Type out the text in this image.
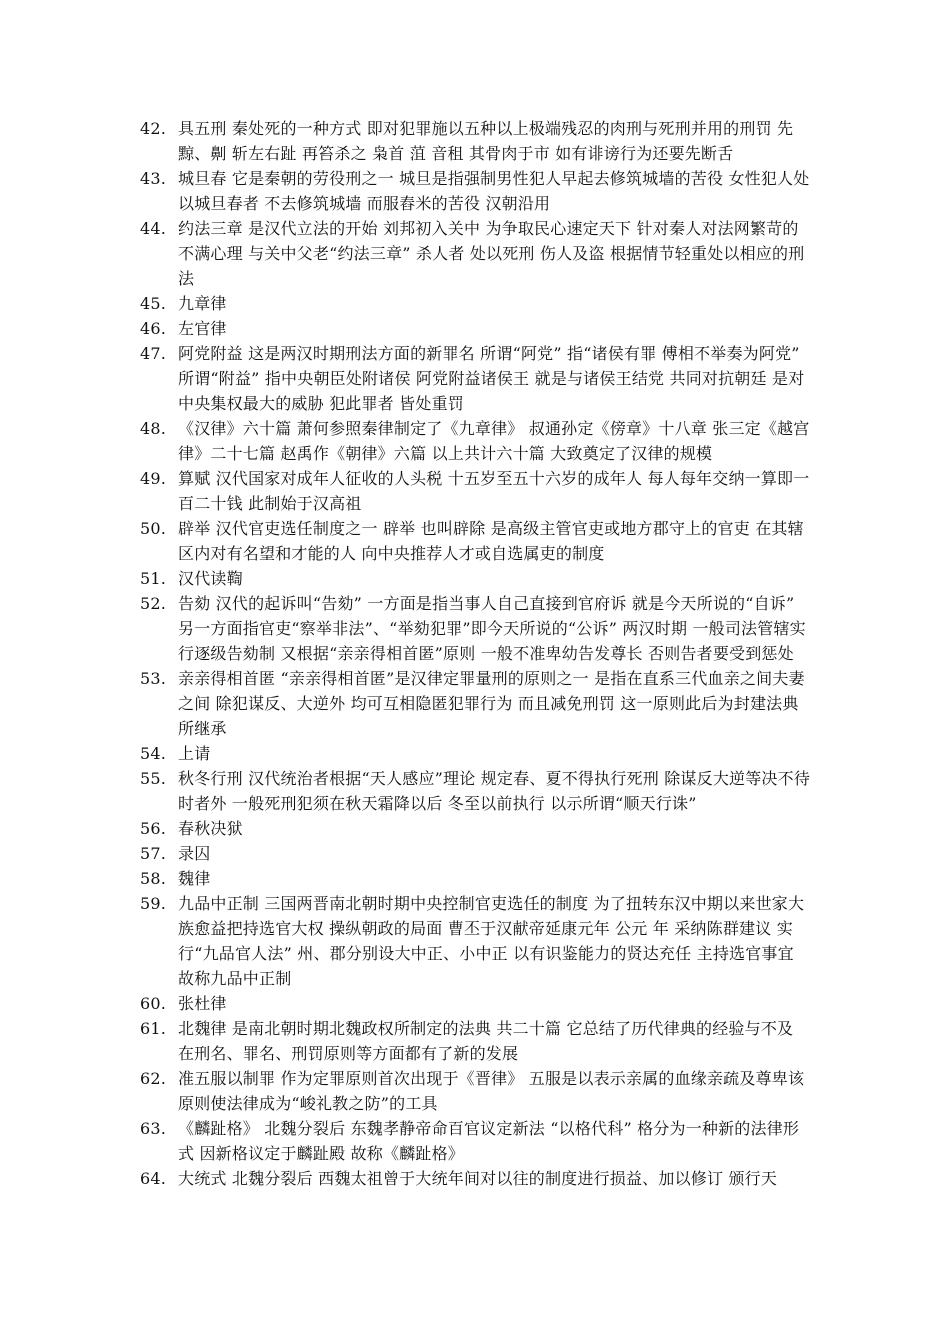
42. 具五刑 秦处死的一种方式 即对犯罪施以五种以上极端残忍的肉刑与死刑并用的刑罚 先黥、劓 斩左右趾 再笞杀之 枭首 菹 音租 其骨肉于市 如有诽谤行为还要先断舌
43. 城旦春 它是秦朝的劳役刑之一 城旦是指强制男性犯人早起去修筑城墙的苦役 女性犯人处以城旦春者 不去修筑城墙 而服舂米的苦役 汉朝沿用
44. 约法三章 是汉代立法的开始 刘邦初入关中 为争取民心速定天下 针对秦人对法网繁苛的不满心理 与关中父老“约法三章” 杀人者 处以死刑 伤人及盗 根据情节轻重处以相应的刑法
45. 九章律
46. 左官律
47. 阿党附益 这是两汉时期刑法方面的新罪名 所谓“阿党” 指“诸侯有罪 傅相不举奏为阿党” 所谓“附益” 指中央朝臣处附诸侯 阿党附益诸侯王 就是与诸侯王结党 共同对抗朝廷 是对中央集权最大的威胁 犯此罪者 皆处重罚
48. 《汉律》六十篇 萧何参照秦律制定了《九章律》 叔通孙定《傍章》十八章 张三定《越宫律》二十七篇 赵禹作《朝律》六篇 以上共计六十篇 大致奠定了汉律的规模
49. 算赋 汉代国家对成年人征收的人头税 十五岁至五十六岁的成年人 每人每年交纳一算即一百二十钱 此制始于汉高祖
50. 辟举 汉代官吏选任制度之一 辟举 也叫辟除 是高级主管官吏或地方郡守上的官吏 在其辖区内对有名望和才能的人 向中央推荐人才或自选属吏的制度
51. 汉代读鞫
52. 告劾 汉代的起诉叫“告劾” 一方面是指当事人自己直接到官府诉 就是今天所说的“自诉” 另一方面指官吏“察举非法”、“举劾犯罪”即今天所说的“公诉” 两汉时期 一般司法管辖实行逐级告劾制 又根据“亲亲得相首匿”原则 一般不准卑幼告发尊长 否则告者要受到惩处
53. 亲亲得相首匿 “亲亲得相首匿”是汉律定罪量刑的原则之一 是指在直系三代血亲之间夫妻之间 除犯谋反、大逆外 均可互相隐匿犯罪行为 而且减免刑罚 这一原则此后为封建法典所继承
54. 上请
55. 秋冬行刑 汉代统治者根据“天人感应”理论 规定春、夏不得执行死刑 除谋反大逆等决不待时者外 一般死刑犯须在秋天霜降以后 冬至以前执行 以示所谓“顺天行诛”
56. 春秋决狱
57. 录囚
58. 魏律
59. 九品中正制 三国两晋南北朝时期中央控制官吏选任的制度 为了扭转东汉中期以来世家大族愈益把持选官大权 操纵朝政的局面 曹丕于汉献帝延康元年 公元 年 采纳陈群建议 实行“九品官人法” 州、郡分别设大中正、小中正 以有识鉴能力的贤达充任 主持选官事宜 故称九品中正制
60. 张杜律
61. 北魏律 是南北朝时期北魏政权所制定的法典 共二十篇 它总结了历代律典的经验与不及 在刑名、罪名、刑罚原则等方面都有了新的发展
62. 准五服以制罪 作为定罪原则首次出现于《晋律》 五服是以表示亲属的血缘亲疏及尊卑该原则使法律成为“峻礼教之防”的工具
63. 《麟趾格》 北魏分裂后 东魏孝静帝命百官议定新法 “以格代科” 格分为一种新的法律形式 因新格议定于麟趾殿 故称《麟趾格》
64. 大统式 北魏分裂后 西魏太祖曾于大统年间对以往的制度进行损益、加以修订 颁行天
